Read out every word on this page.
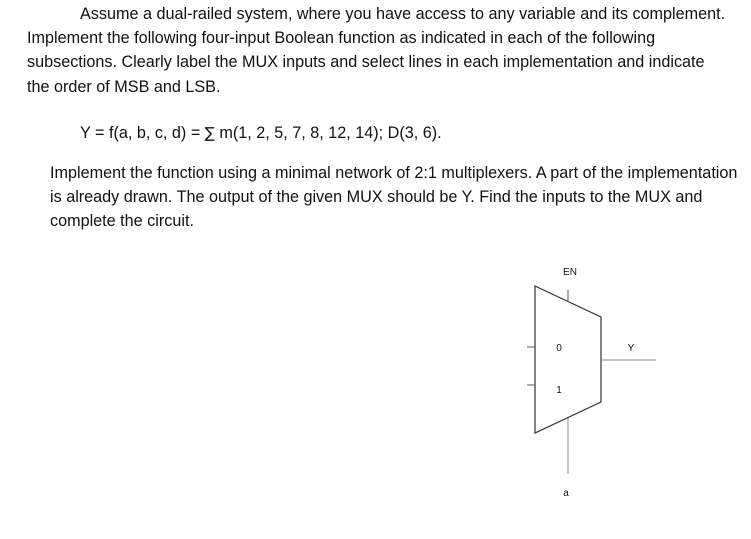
Assume a dual-railed system, where you have access to any variable and its complement. Implement the following four-input Boolean function as indicated in each of the following subsections. Clearly label the MUX inputs and select lines in each implementation and indicate the order of MSB and LSB.

Y = f(a, b, c, d) = ∑ m(1, 2, 5, 7, 8, 12, 14); D(3, 6).

Implement the function using a minimal network of 2:1 multiplexers. A part of the implementation is already drawn. The output of the given MUX should be Y. Find the inputs to the MUX and complete the circuit.

EN
0
1
Y
a
